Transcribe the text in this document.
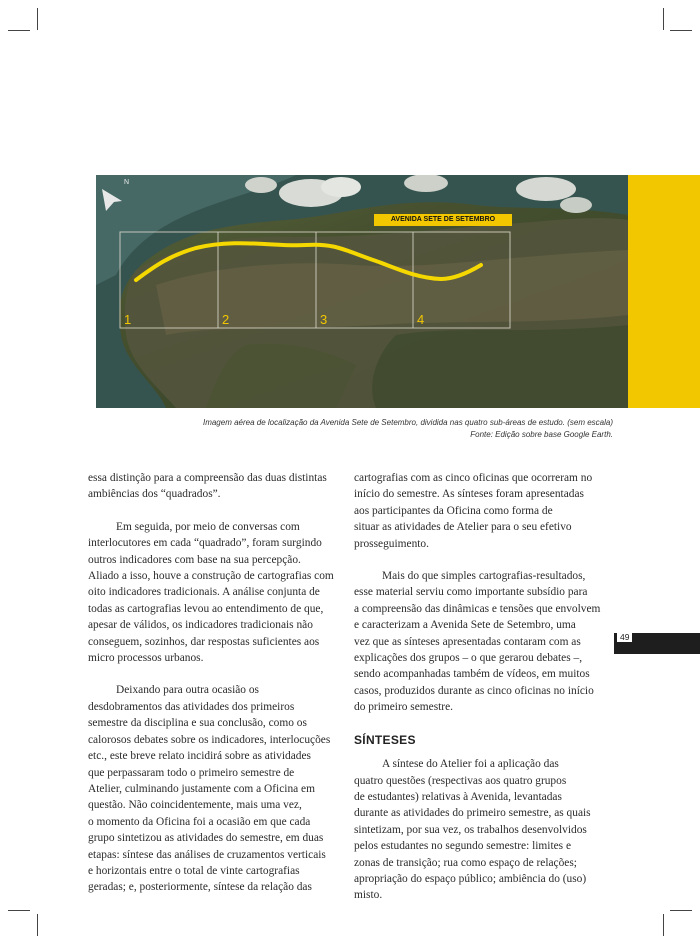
1	2	3	4
N
AVENIDA SETE DE SETEMBRO
Imagem aérea de localização da Avenida Sete de Setembro, dividida nas quatro sub-áreas de estudo. (sem escala)
Fonte: Edição sobre base Google Earth.

essa distinção para a compreensão das duas distintas
ambiências dos “quadrados”.

Em seguida, por meio de conversas com
interlocutores em cada “quadrado”, foram surgindo
outros indicadores com base na sua percepção.
Aliado a isso, houve a construção de cartografias com
oito indicadores tradicionais. A análise conjunta de
todas as cartografias levou ao entendimento de que,
apesar de válidos, os indicadores tradicionais não
conseguem, sozinhos, dar respostas suficientes aos
micro processos urbanos.

Deixando para outra ocasião os
desdobramentos das atividades dos primeiros
semestre da disciplina e sua conclusão, como os
calorosos debates sobre os indicadores, interlocuções
etc., este breve relato incidirá sobre as atividades
que perpassaram todo o primeiro semestre de
Atelier, culminando justamente com a Oficina em
questão. Não coincidentemente, mais uma vez,
o momento da Oficina foi a ocasião em que cada
grupo sintetizou as atividades do semestre, em duas
etapas: síntese das análises de cruzamentos verticais
e horizontais entre o total de vinte cartografias
geradas; e, posteriormente, síntese da relação das

cartografias com as cinco oficinas que ocorreram no
início do semestre. As sínteses foram apresentadas
aos participantes da Oficina como forma de
situar as atividades de Atelier para o seu efetivo
prosseguimento.

Mais do que simples cartografias-resultados,
esse material serviu como importante subsídio para
a compreensão das dinâmicas e tensões que envolvem
e caracterizam a Avenida Sete de Setembro, uma
vez que as sínteses apresentadas contaram com as
explicações dos grupos – o que gerarou debates –,
sendo acompanhadas também de vídeos, em muitos
casos, produzidos durante as cinco oficinas no início
do primeiro semestre.

SÍNTESES

A síntese do Atelier foi a aplicação das
quatro questões (respectivas aos quatro grupos
de estudantes) relativas à Avenida, levantadas
durante as atividades do primeiro semestre, as quais
sintetizam, por sua vez, os trabalhos desenvolvidos
pelos estudantes no segundo semestre: limites e
zonas de transição; rua como espaço de relações;
apropriação do espaço público; ambiência do (uso)
misto.

49
